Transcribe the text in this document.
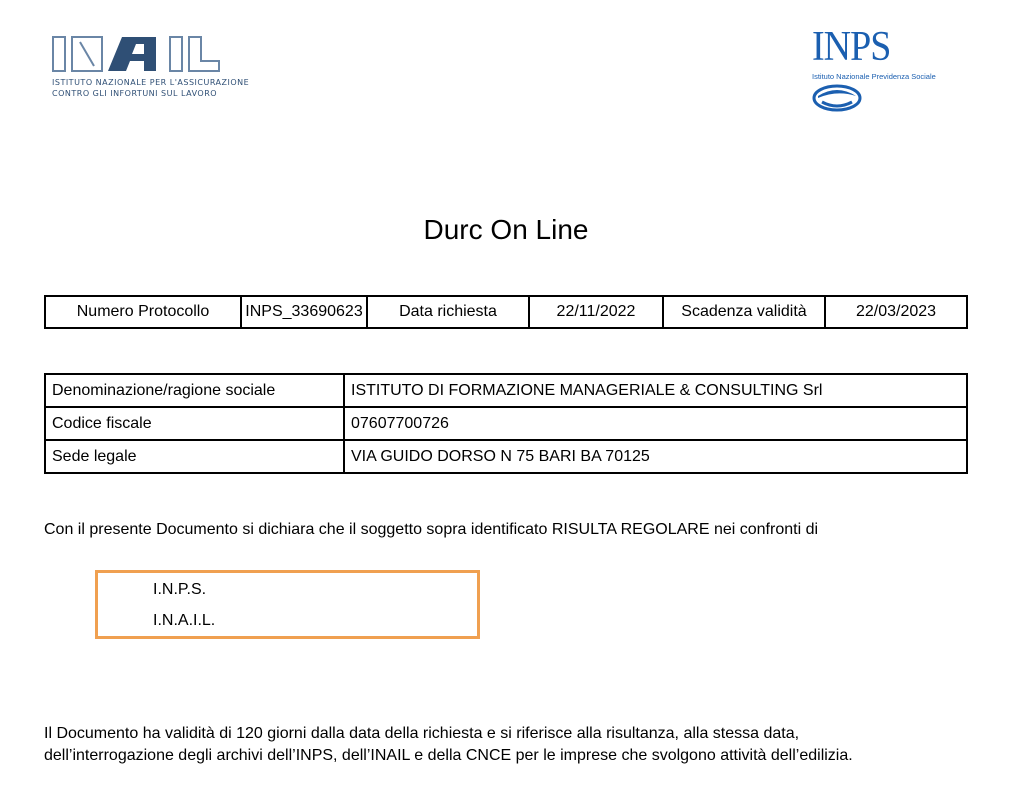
ISTITUTO NAZIONALE PER L'ASSICURAZIONE
CONTRO GLI INFORTUNI SUL LAVORO
INPS
Istituto Nazionale Previdenza Sociale
Durc On Line
Numero Protocollo	INPS_33690623	Data richiesta	22/11/2022	Scadenza validità	22/03/2023
Denominazione/ragione sociale	ISTITUTO DI FORMAZIONE MANAGERIALE & CONSULTING Srl
Codice fiscale	07607700726
Sede legale	VIA GUIDO DORSO N 75 BARI BA 70125
Con il presente Documento si dichiara che il soggetto sopra identificato RISULTA REGOLARE nei confronti di
I.N.P.S.
I.N.A.I.L.
Il Documento ha validità di 120 giorni dalla data della richiesta e si riferisce alla risultanza, alla stessa data,
dell’interrogazione degli archivi dell’INPS, dell’INAIL e della CNCE per le imprese che svolgono attività dell’edilizia.
